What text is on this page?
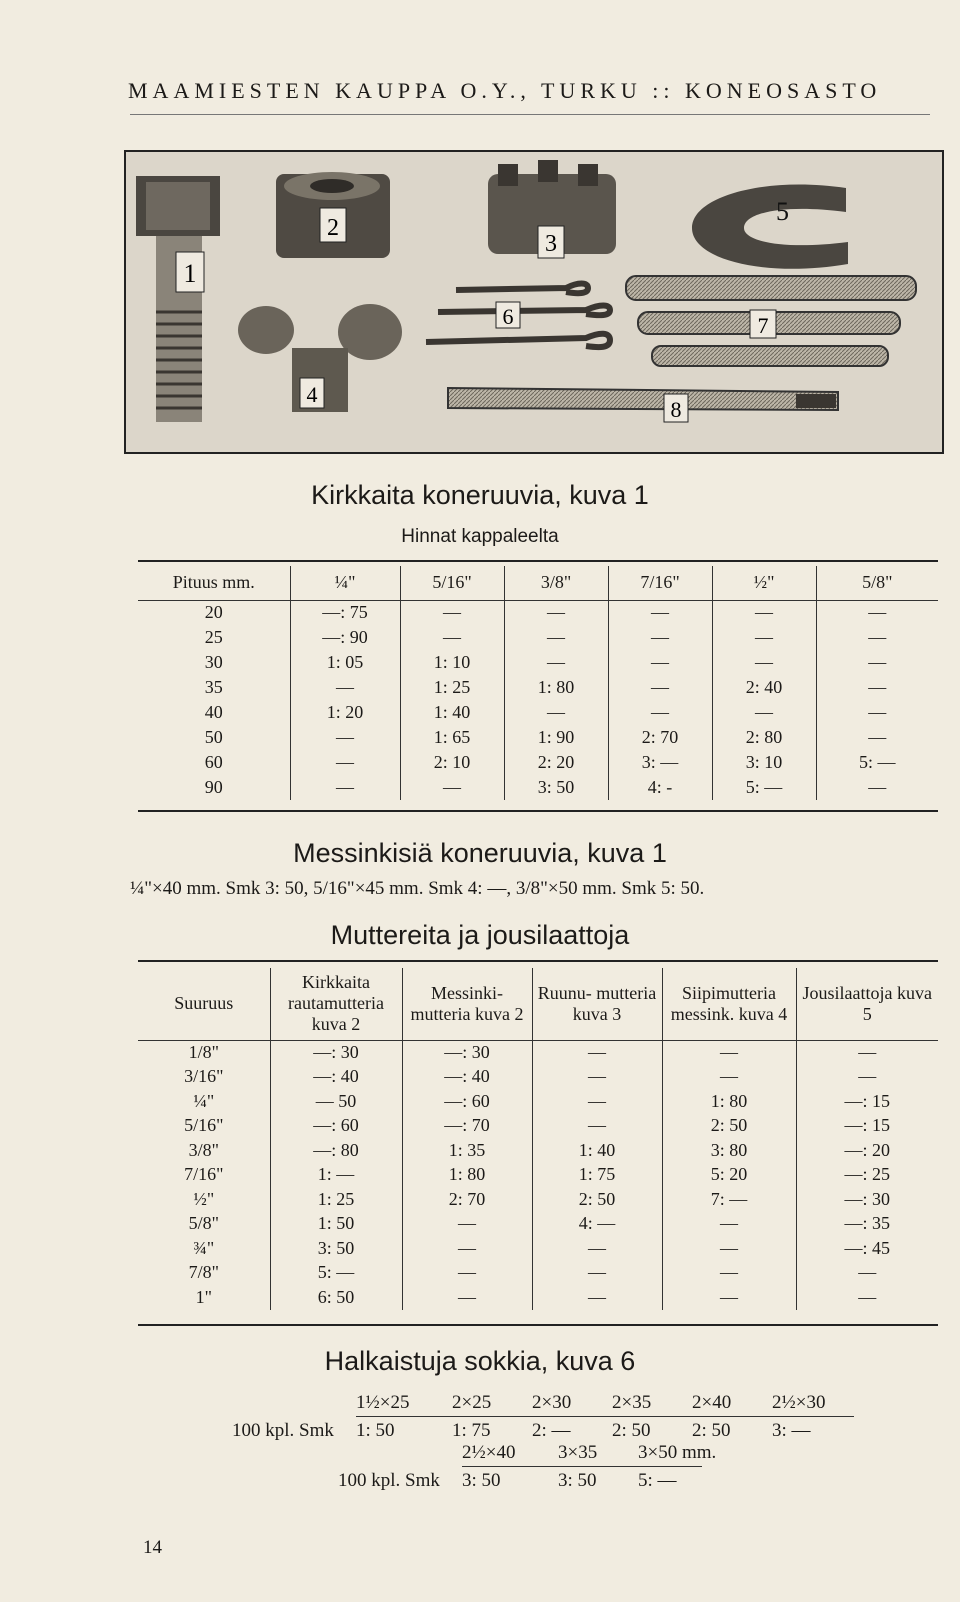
MAAMIESTEN KAUPPA O.Y., TURKU :: KONEOSASTO
1
2
3
5
4
6	7
8
Kirkkaita koneruuvia, kuva 1
Hinnat kappaleelta
Pituus mm.	¼"	5/16"	3/8"	7/16"	½"	5/8"
20	—: 75	—	—	—	—	—
25	—: 90	—	—	—	—	—
30	1: 05	1: 10	—	—	—	—
35	—	1: 25	1: 80	—	2: 40	—
40	1: 20	1: 40	—	—	—	—
50	—	1: 65	1: 90	2: 70	2: 80	—
60	—	2: 10	2: 20	3: —	3: 10	5: —
90	—	—	3: 50	4: -	5: —	—
Messinkisiä koneruuvia, kuva 1
¼"×40 mm. Smk 3: 50, 5/16"×45 mm. Smk 4: —, 3/8"×50 mm. Smk 5: 50.
Muttereita ja jousilaattoja
Suuruus	Kirkkaita rautamutteria kuva 2	Messinki- mutteria kuva 2	Ruunu- mutteria kuva 3	Siipimutteria messink. kuva 4	Jousilaattoja kuva 5
1/8"	—: 30	—: 30	—	—	—
3/16"	—: 40	—: 40	—	—	—
¼"	— 50	—: 60	—	1: 80	—: 15
5/16"	—: 60	—: 70	—	2: 50	—: 15
3/8"	—: 80	1: 35	1: 40	3: 80	—: 20
7/16"	1: —	1: 80	1: 75	5: 20	—: 25
½"	1: 25	2: 70	2: 50	7: —	—: 30
5/8"	1: 50	—	4: —	—	—: 35
¾"	3: 50	—	—	—	—: 45
7/8"	5: —	—	—	—	—
1"	6: 50	—	—	—	—
Halkaistuja sokkia, kuva 6
1½×25 2×25 2×30 2×35 2×40 2½×30
100 kpl. Smk 1: 50	1: 75 2: — 2: 50 2: 50 3: —
2½×40 3×35 3×50 mm.
100 kpl. Smk 3: 50	3: 50 5: —
14
